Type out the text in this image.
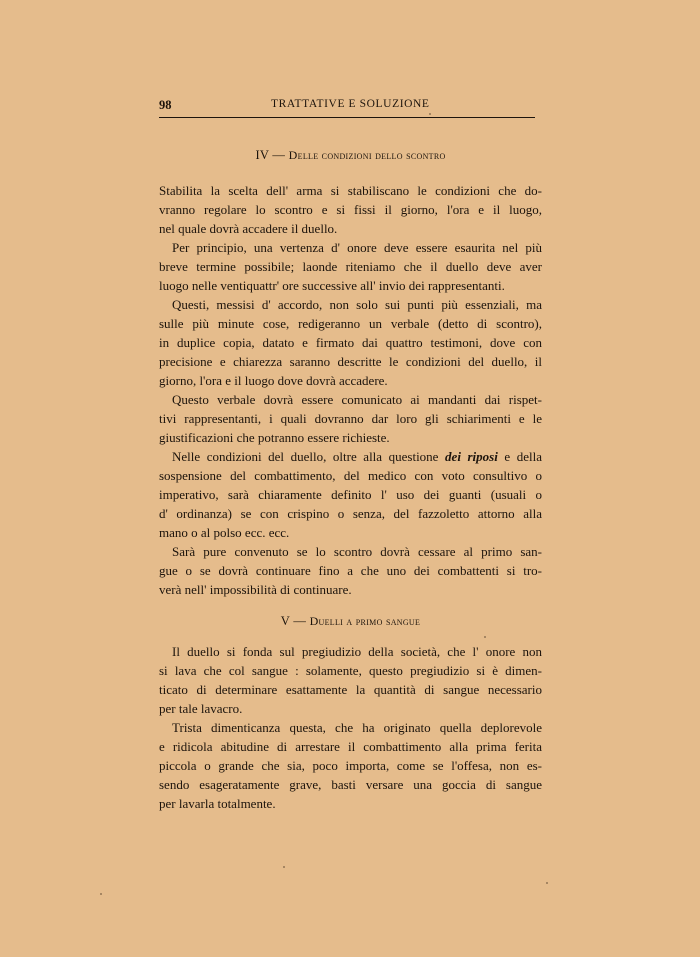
98	TRATTATIVE E SOLUZIONE
IV — Delle condizioni dello scontro
Stabilita la scelta dell' arma si stabiliscano le condizioni che do-
vranno regolare lo scontro e si fissi il giorno, l'ora e il luogo,
nel quale dovrà accadere il duello.
Per principio, una vertenza d' onore deve essere esaurita nel più
breve termine possibile; laonde riteniamo che il duello deve aver
luogo nelle ventiquattr' ore successive all' invio dei rappresentanti.
Questi, messisi d' accordo, non solo sui punti più essenziali, ma
sulle più minute cose, redigeranno un verbale (detto di scontro),
in duplice copia, datato e firmato dai quattro testimoni, dove con
precisione e chiarezza saranno descritte le condizioni del duello, il
giorno, l'ora e il luogo dove dovrà accadere.
Questo verbale dovrà essere comunicato ai mandanti dai rispet-
tivi rappresentanti, i quali dovranno dar loro gli schiarimenti e le
giustificazioni che potranno essere richieste.
Nelle condizioni del duello, oltre alla questione dei riposi e della
sospensione del combattimento, del medico con voto consultivo o
imperativo, sarà chiaramente definito l' uso dei guanti (usuali o
d' ordinanza) se con crispino o senza, del fazzoletto attorno alla
mano o al polso ecc. ecc.
Sarà pure convenuto se lo scontro dovrà cessare al primo san-
gue o se dovrà continuare fino a che uno dei combattenti si tro-
verà nell' impossibilità di continuare.
V — Duelli a primo sangue
Il duello si fonda sul pregiudizio della società, che l' onore non
si lava che col sangue : solamente, questo pregiudizio si è dimen-
ticato di determinare esattamente la quantità di sangue necessario
per tale lavacro.
Trista dimenticanza questa, che ha originato quella deplorevole
e ridicola abitudine di arrestare il combattimento alla prima ferita
piccola o grande che sia, poco importa, come se l'offesa, non es-
sendo esageratamente grave, basti versare una goccia di sangue
per lavarla totalmente.
